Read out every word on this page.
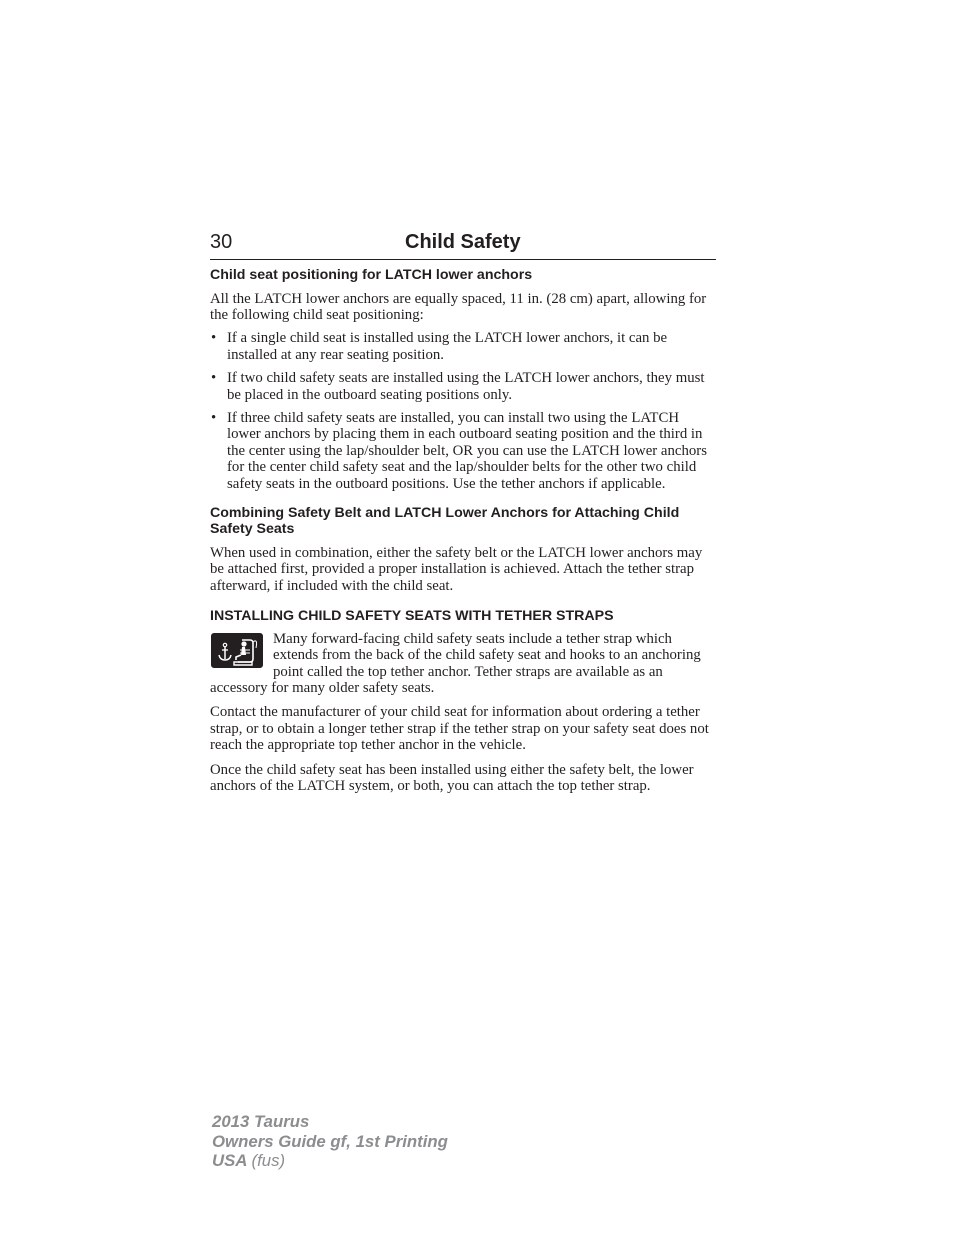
30	Child Safety
Child seat positioning for LATCH lower anchors

All the LATCH lower anchors are equally spaced, 11 in. (28 cm) apart, allowing for the following child seat positioning:

• If a single child seat is installed using the LATCH lower anchors, it can be installed at any rear seating position.
• If two child safety seats are installed using the LATCH lower anchors, they must be placed in the outboard seating positions only.
• If three child safety seats are installed, you can install two using the LATCH lower anchors by placing them in each outboard seating position and the third in the center using the lap/shoulder belt, OR you can use the LATCH lower anchors for the center child safety seat and the lap/shoulder belts for the other two child safety seats in the outboard positions. Use the tether anchors if applicable.
Combining Safety Belt and LATCH Lower Anchors for Attaching Child Safety Seats

When used in combination, either the safety belt or the LATCH lower anchors may be attached first, provided a proper installation is achieved. Attach the tether strap afterward, if included with the child seat.

INSTALLING CHILD SAFETY SEATS WITH TETHER STRAPS

Many forward-facing child safety seats include a tether strap which extends from the back of the child safety seat and hooks to an anchoring point called the top tether anchor. Tether straps are available as an accessory for many older safety seats.

Contact the manufacturer of your child seat for information about ordering a tether strap, or to obtain a longer tether strap if the tether strap on your safety seat does not reach the appropriate top tether anchor in the vehicle.

Once the child safety seat has been installed using either the safety belt, the lower anchors of the LATCH system, or both, you can attach the top tether strap.

2013 Taurus
Owners Guide gf, 1st Printing
USA (fus)
